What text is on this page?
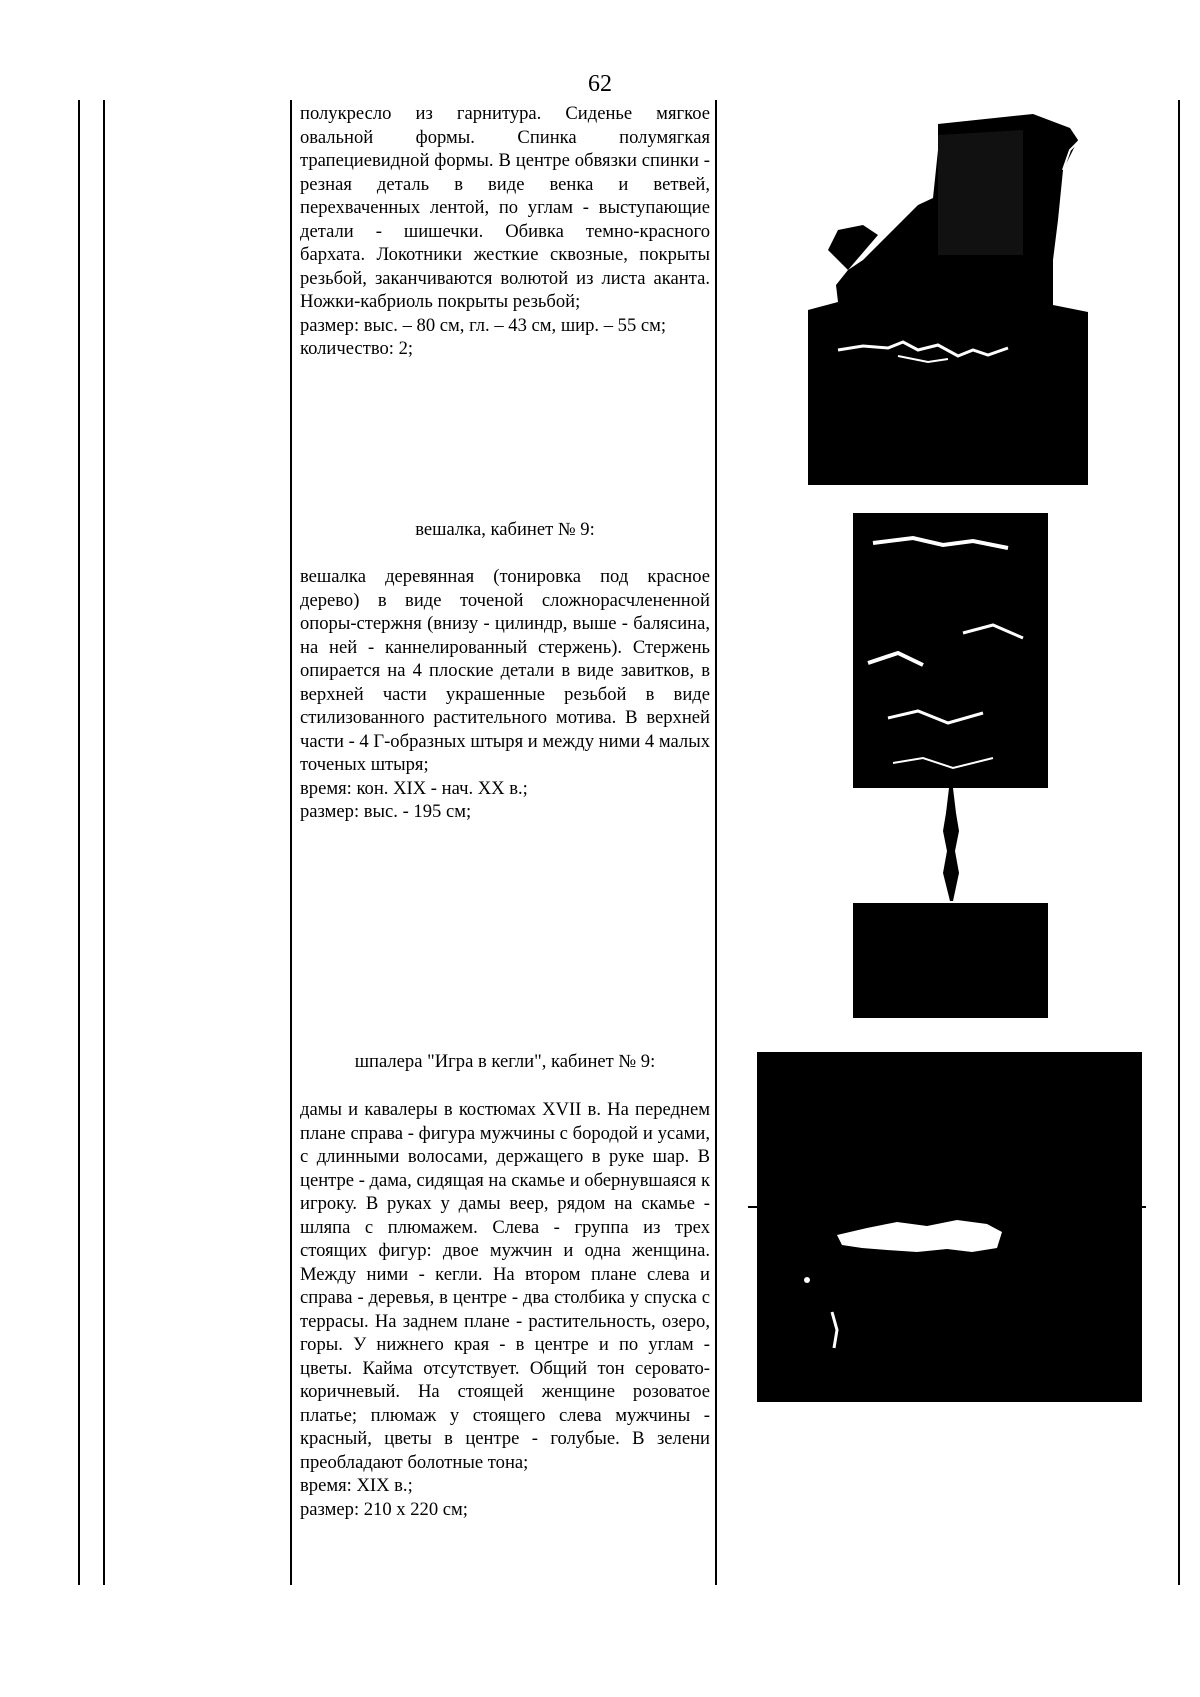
62
полукресло из гарнитура. Сиденье мягкое овальной формы. Спинка полумягкая трапециевидной формы. В центре обвязки спинки - резная деталь в виде венка и ветвей, перехваченных лентой, по углам - выступающие детали - шишечки. Обивка темно-красного бархата. Локотники жесткие сквозные, покрыты резьбой, заканчиваются волютой из листа аканта. Ножки-кабриоль покрыты резьбой;
размер: выс. – 80 см, гл. – 43 см, шир. – 55 см;
количество: 2;
вешалка, кабинет № 9:
вешалка деревянная (тонировка под красное дерево) в виде точеной сложнорасчлененной опоры-стержня (внизу - цилиндр, выше - балясина, на ней - каннелированный стержень). Стержень опирается на 4 плоские детали в виде завитков, в верхней части украшенные резьбой в виде стилизованного растительного мотива. В верхней части - 4 Г-образных штыря и между ними 4 малых точеных штыря;
время: кон. XIX - нач. XX в.;
размер: выс. - 195 см;
шпалера "Игра в кегли", кабинет № 9:
дамы и кавалеры в костюмах XVII в. На переднем плане справа - фигура мужчины с бородой и усами, с длинными волосами, держащего в руке шар. В центре - дама, сидящая на скамье и обернувшаяся к игроку. В руках у дамы веер, рядом на скамье - шляпа с плюмажем. Слева - группа из трех стоящих фигур: двое мужчин и одна женщина. Между ними - кегли. На втором плане слева и справа - деревья, в центре - два столбика у спуска с террасы. На заднем плане - растительность, озеро, горы. У нижнего края - в центре и по углам - цветы. Кайма отсутствует. Общий тон серовато-коричневый. На стоящей женщине розоватое платье; плюмаж у стоящего слева мужчины - красный, цветы в центре - голубые. В зелени преобладают болотные тона;
время: XIX в.;
размер: 210 х 220 см;
